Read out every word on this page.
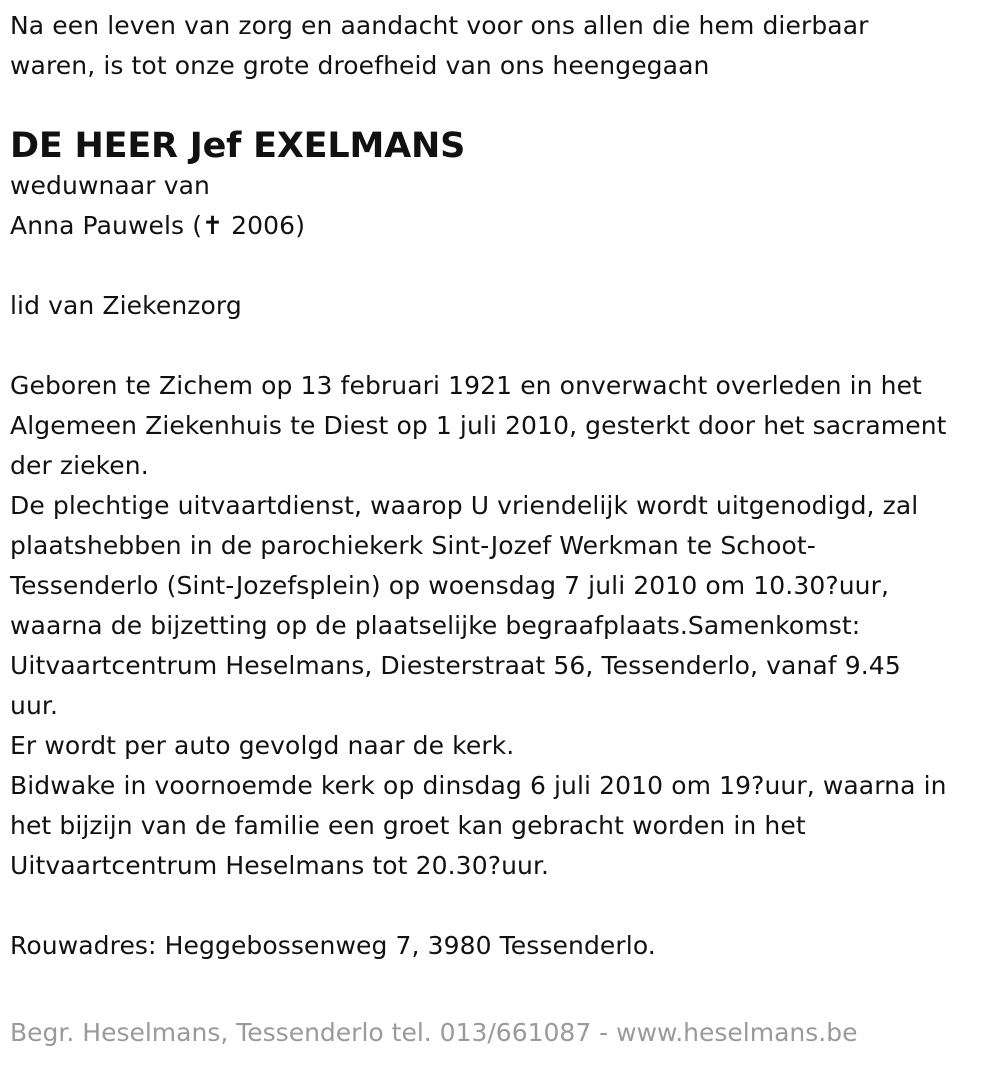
Na een leven van zorg en aandacht voor ons allen die hem dierbaar
waren, is tot onze grote droefheid van ons heengegaan
DE HEER Jef EXELMANS
weduwnaar van
Anna Pauwels (✝ 2006)
lid van Ziekenzorg
Geboren te Zichem op 13 februari 1921 en onverwacht overleden in het
Algemeen Ziekenhuis te Diest op 1 juli 2010, gesterkt door het sacrament
der zieken.
De plechtige uitvaartdienst, waarop U vriendelijk wordt uitgenodigd, zal
plaatshebben in de parochiekerk Sint-Jozef Werkman te Schoot-
Tessenderlo (Sint-Jozefsplein) op woensdag 7 juli 2010 om 10.30?uur,
waarna de bijzetting op de plaatselijke begraafplaats.Samenkomst:
Uitvaartcentrum Heselmans, Diesterstraat 56, Tessenderlo, vanaf 9.45
uur.
Er wordt per auto gevolgd naar de kerk.
Bidwake in voornoemde kerk op dinsdag 6 juli 2010 om 19?uur, waarna in
het bijzijn van de familie een groet kan gebracht worden in het
Uitvaartcentrum Heselmans tot 20.30?uur.
Rouwadres: Heggebossenweg 7, 3980 Tessenderlo.
Begr. Heselmans, Tessenderlo tel. 013/661087 - www.heselmans.be
